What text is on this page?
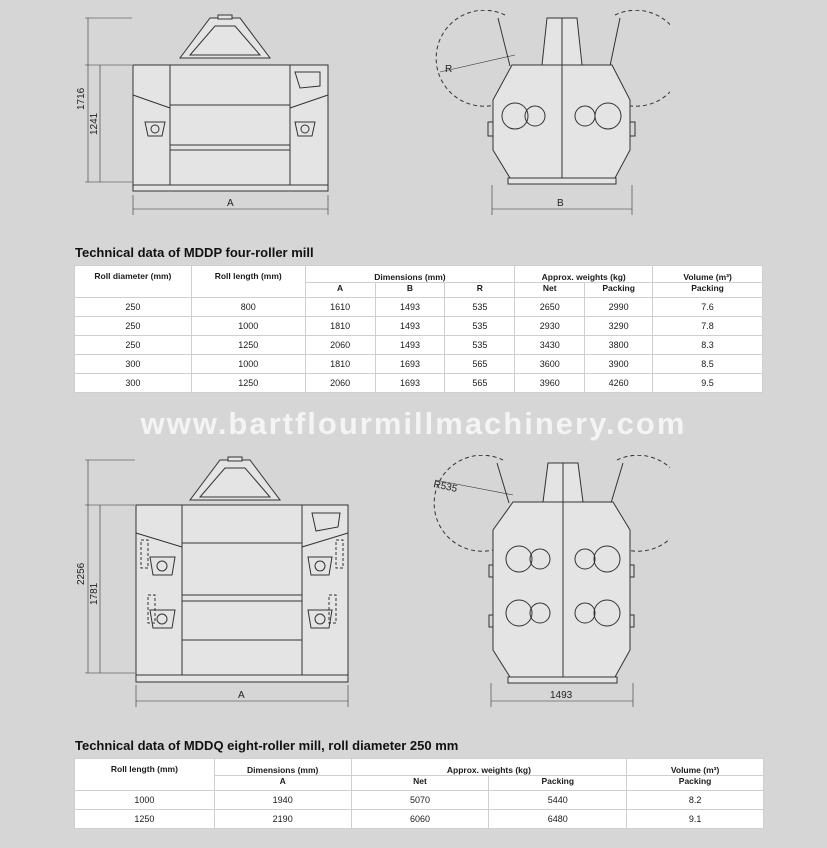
1716
1241
A
R
B
Technical data of MDDP four-roller mill
Roll diameter (mm)	Roll length (mm)	Dimensions (mm)			Approx. weights (kg)		Volume (m³)
		A	B	R	Net	Packing	Packing
250	800	1610	1493	535	2650	2990	7.6
250	1000	1810	1493	535	2930	3290	7.8
250	1250	2060	1493	535	3430	3800	8.3
300	1000	1810	1693	565	3600	3900	8.5
300	1250	2060	1693	565	3960	4260	9.5
www.bartflourmillmachinery.com
2256
1781
A
R535
1493
Technical data of MDDQ eight-roller mill, roll diameter 250 mm
Roll length (mm)	Dimensions (mm)	Approx. weights (kg)		Volume (m³)
	A	Net	Packing	Packing
1000	1940	5070	5440	8.2
1250	2190	6060	6480	9.1
